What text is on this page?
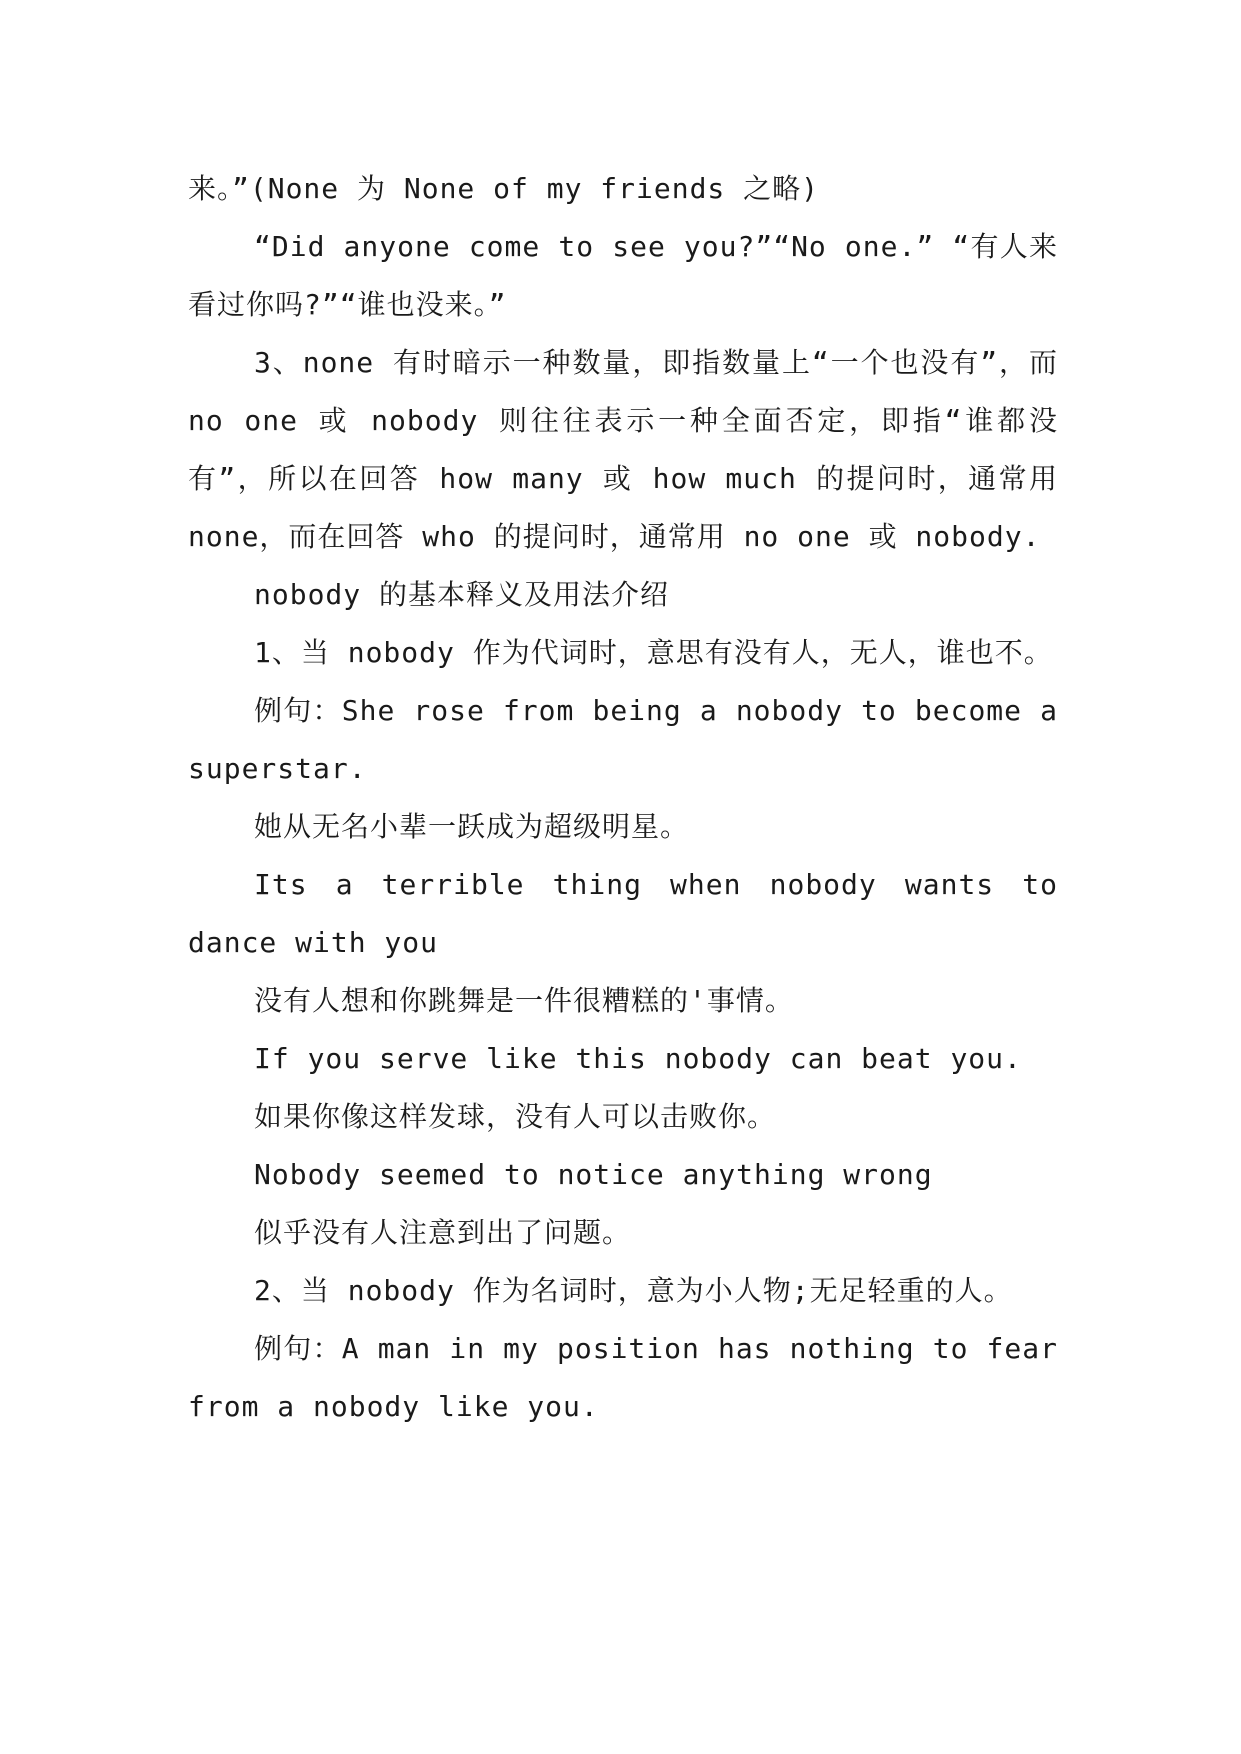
来。”(None 为 None of my friends 之略)

“Did anyone come to see you?”“No one.” “有人来看过你吗?”“谁也没来。”

3、none 有时暗示一种数量，即指数量上“一个也没有”，而 no one 或 nobody 则往往表示一种全面否定，即指“谁都没有”，所以在回答 how many 或 how much 的提问时，通常用 none，而在回答 who 的提问时，通常用 no one 或 nobody.

nobody 的基本释义及用法介绍

1、当 nobody 作为代词时，意思有没有人，无人，谁也不。

例句：She rose from being a nobody to become a superstar.

她从无名小辈一跃成为超级明星。

Its a terrible thing when nobody wants to dance with you

没有人想和你跳舞是一件很糟糕的'事情。

If you serve like this nobody can beat you.

如果你像这样发球，没有人可以击败你。

Nobody seemed to notice anything wrong

似乎没有人注意到出了问题。

2、当 nobody 作为名词时，意为小人物;无足轻重的人。

例句：A man in my position has nothing to fear from a nobody like you.
